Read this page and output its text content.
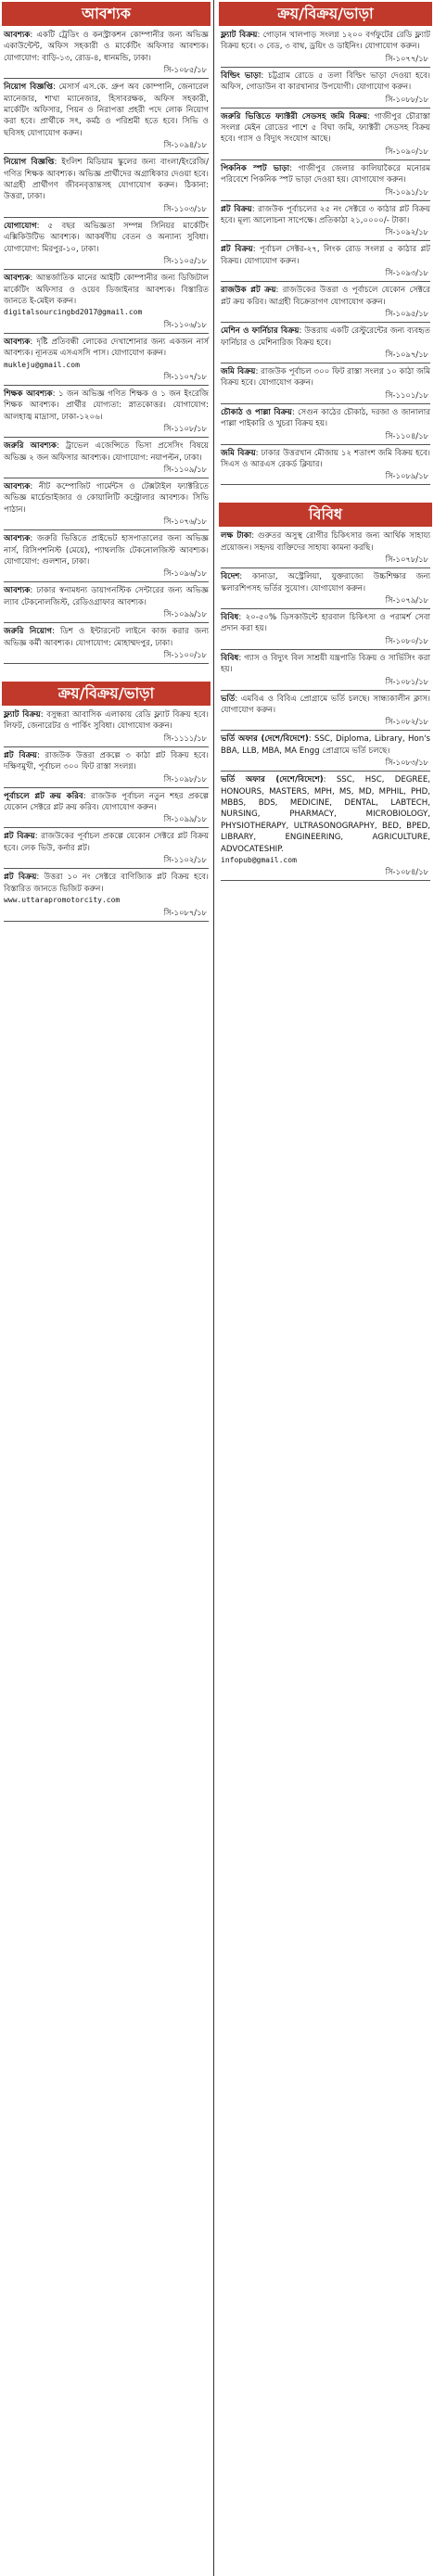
আবশ্যক
আবশ্যক: একটি ট্রেডিং ও কনস্ট্রাকশন কোম্পানীর জন্য অভিজ্ঞ একাউন্টেন্ট, অফিস সহকারী ও মার্কেটিং অফিসার আবশ্যক। যোগাযোগ: বাড়ি-১৩, রোড-৪, ধানমন্ডি, ঢাকা।
সি-১০৮৫/১৮
নিয়োগ বিজ্ঞপ্তি: মেসার্স এস.কে. গ্রুপ অব কোম্পানি, জেনারেল ম্যানেজার, শাখা ম্যানেজার, হিসাবরক্ষক, অফিস সহকারী, মার্কেটিং অফিসার, পিয়ন ও নিরাপত্তা প্রহরী পদে লোক নিয়োগ করা হবে। প্রার্থীকে সৎ, কর্মঠ ও পরিশ্রমী হতে হবে। সিভি ও ছবিসহ যোগাযোগ করুন।
সি-১০৯৪/১৮
নিয়োগ বিজ্ঞপ্তি: ইংলিশ মিডিয়াম স্কুলের জন্য বাংলা/ইংরেজি/গণিত শিক্ষক আবশ্যক। অভিজ্ঞ প্রার্থীদের অগ্রাধিকার দেওয়া হবে। আগ্রহী প্রার্থীগণ জীবনবৃত্তান্তসহ যোগাযোগ করুন। ঠিকানা: উত্তরা, ঢাকা।
সি-১১০৩/১৮
যোগাযোগ: ৫ বছর অভিজ্ঞতা সম্পন্ন সিনিয়র মার্কেটিং এক্সিকিউটিভ আবশ্যক। আকর্ষণীয় বেতন ও অন্যান্য সুবিধা। যোগাযোগ: মিরপুর-১০, ঢাকা।
সি-১১০৫/১৮
আবশ্যক: আন্তর্জাতিক মানের আইটি কোম্পানীর জন্য ডিজিটাল মার্কেটিং অফিসার ও ওয়েব ডিজাইনার আবশ্যক। বিস্তারিত জানতে ই-মেইল করুন।
digitalsourcingbd2017@gmail.com
সি-১১০৬/১৮
আবশ্যক: দৃষ্টি প্রতিবন্ধী লোকের দেখাশোনার জন্য একজন নার্স আবশ্যক। ন্যূনতম এসএসসি পাস। যোগাযোগ করুন।
mukleju@gmail.com
সি-১১০৭/১৮
শিক্ষক আবশ্যক: ১ জন অভিজ্ঞ গণিত শিক্ষক ও ১ জন ইংরেজি শিক্ষক আবশ্যক। প্রার্থীর যোগ্যতা: স্নাতকোত্তর। যোগাযোগ: আলহাজ্ব মাদ্রাসা, ঢাকা-১২০৬।
সি-১১০৮/১৮
জরুরি আবশ্যক: ট্রাভেল এজেন্সিতে ভিসা প্রসেসিং বিষয়ে অভিজ্ঞ ২ জন অফিসার আবশ্যক। যোগাযোগ: নয়াপল্টন, ঢাকা।
সি-১১০৯/১৮
আবশ্যক: নীট কম্পোজিট গার্মেন্টস ও টেক্সটাইল ফ্যাক্টরিতে অভিজ্ঞ মার্চেন্ডাইজার ও কোয়ালিটি কন্ট্রোলার আবশ্যক। সিভি পাঠান।
সি-১০৭৬/১৮
আবশ্যক: জরুরি ভিত্তিতে প্রাইভেট হাসপাতালের জন্য অভিজ্ঞ নার্স, রিসিপশনিস্ট (মেয়ে), প্যাথলজি টেকনোলজিস্ট আবশ্যক। যোগাযোগ: গুলশান, ঢাকা।
সি-১০৯৬/১৮
আবশ্যক: ঢাকার স্বনামধন্য ডায়াগনস্টিক সেন্টারের জন্য অভিজ্ঞ ল্যাব টেকনোলজিস্ট, রেডিওগ্রাফার আবশ্যক।
সি-১০৯৯/১৮
জরুরি নিয়োগ: ডিশ ও ইন্টারনেট লাইনে কাজ করার জন্য অভিজ্ঞ কর্মী আবশ্যক। যোগাযোগ: মোহাম্মদপুর, ঢাকা।
সি-১১০০/১৮
ক্রয়/বিক্রয়/ভাড়া
ফ্ল্যাট বিক্রয়: বসুন্ধরা আবাসিক এলাকায় রেডি ফ্ল্যাট বিক্রয় হবে। লিফট, জেনারেটর ও পার্কিং সুবিধা। যোগাযোগ করুন।
সি-১১১১/১৮
প্লট বিক্রয়: রাজউক উত্তরা প্রকল্পে ৩ কাঠা প্লট বিক্রয় হবে। দক্ষিণমুখী, পূর্বাচল ৩০০ ফিট রাস্তা সংলগ্ন।
সি-১০৯৮/১৮
পূর্বাচলে প্লট ক্রয় করিব: রাজউক পূর্বাচল নতুন শহর প্রকল্পে যেকোন সেক্টরে প্লট ক্রয় করিব। যোগাযোগ করুন।
সি-১০৯৯/১৮
প্লট বিক্রয়: রাজউকের পূর্বাচল প্রকল্পে যেকোন সেক্টরে প্লট বিক্রয় হবে। লেক ভিউ, কর্নার প্লট।
সি-১১০২/১৮
প্লট বিক্রয়: উত্তরা ১০ নং সেক্টরে বাণিজ্যিক প্লট বিক্রয় হবে। বিস্তারিত জানতে ভিজিট করুন।
www.uttarapromotorcity.com
সি-১০৮৭/১৮
ক্রয়/বিক্রয়/ভাড়া
ফ্ল্যাট বিক্রয়: গোড়ান খালপাড় সংলগ্ন ১২০০ বর্গফুটের রেডি ফ্ল্যাট বিক্রয় হবে। ৩ বেড, ৩ বাথ, ড্রয়িং ও ডাইনিং। যোগাযোগ করুন।
সি-১০৭৭/১৮
বিল্ডিং ভাড়া: চট্টগ্রাম রোডে ৫ তলা বিল্ডিং ভাড়া দেওয়া হবে। অফিস, গোডাউন বা কারখানার উপযোগী। যোগাযোগ করুন।
সি-১০৮৮/১৮
জরুরি ভিত্তিতে ফ্যাক্টরী সেডসহ জমি বিক্রয়: গাজীপুর চৌরাস্তা সংলগ্ন মেইন রোডের পাশে ৫ বিঘা জমি, ফ্যাক্টরী সেডসহ বিক্রয় হবে। গ্যাস ও বিদ্যুৎ সংযোগ আছে।
সি-১০৯০/১৮
পিকনিক স্পট ভাড়া: গাজীপুর জেলার কালিয়াকৈরে মনোরম পরিবেশে পিকনিক স্পট ভাড়া দেওয়া হয়। যোগাযোগ করুন।
সি-১০৯১/১৮
প্লট বিক্রয়: রাজউক পূর্বাচলের ২৫ নং সেক্টরে ৩ কাঠার প্লট বিক্রয় হবে। মূল্য আলোচনা সাপেক্ষে। প্রতিকাঠা ২১,০০০০/- টাকা।
সি-১০৯২/১৮
প্লট বিক্রয়: পূর্বাচল সেক্টর-২৭, লিংক রোড সংলগ্ন ৫ কাঠার প্লট বিক্রয়। যোগাযোগ করুন।
সি-১০৯৩/১৮
রাজউক প্লট ক্রয়: রাজউকের উত্তরা ও পূর্বাচলে যেকোন সেক্টরে প্লট ক্রয় করিব। আগ্রহী বিক্রেতাগণ যোগাযোগ করুন।
সি-১০৯৫/১৮
মেশিন ও ফার্নিচার বিক্রয়: উত্তরায় একটি রেস্টুরেন্টের জন্য ব্যবহৃত ফার্নিচার ও মেশিনারিজ বিক্রয় হবে।
সি-১০৯৭/১৮
জমি বিক্রয়: রাজউক পূর্বাচল ৩০০ ফিট রাস্তা সংলগ্ন ১০ কাঠা জমি বিক্রয় হবে। যোগাযোগ করুন।
সি-১১০১/১৮
চৌকাঠ ও পাল্লা বিক্রয়: সেগুন কাঠের চৌকাঠ, দরজা ও জানালার পাল্লা পাইকারি ও খুচরা বিক্রয় হয়।
সি-১১০৪/১৮
জমি বিক্রয়: ঢাকার উত্তরখান মৌজায় ১২ শতাংশ জমি বিক্রয় হবে। সিএস ও আরএস রেকর্ড ক্লিয়ার।
সি-১০৮৯/১৮
বিবিধ
লক্ষ টাকা: গুরুতর অসুস্থ রোগীর চিকিৎসার জন্য আর্থিক সাহায্য প্রয়োজন। সহৃদয় ব্যক্তিদের সাহায্য কামনা করছি।
সি-১০৭৮/১৮
বিদেশ: কানাডা, অস্ট্রেলিয়া, যুক্তরাজ্যে উচ্চশিক্ষার জন্য স্কলারশিপসহ ভর্তির সুযোগ। যোগাযোগ করুন।
সি-১০৭৯/১৮
বিবিধ: ২০-৫০% ডিসকাউন্টে হারবাল চিকিৎসা ও পরামর্শ সেবা প্রদান করা হয়।
সি-১০৮০/১৮
বিবিধ: গ্যাস ও বিদ্যুৎ বিল সাশ্রয়ী যন্ত্রপাতি বিক্রয় ও সার্ভিসিং করা হয়।
সি-১০৮১/১৮
ভর্তি: এমবিএ ও বিবিএ প্রোগ্রামে ভর্তি চলছে। সান্ধ্যকালীন ক্লাস। যোগাযোগ করুন।
সি-১০৮২/১৮
ভর্তি অফার (দেশে/বিদেশে): SSC, Diploma, Library, Hon's BBA, LLB, MBA, MA Engg প্রোগ্রামে ভর্তি চলছে।
সি-১০৮৩/১৮
ভর্তি অফার (দেশে/বিদেশে): SSC, HSC, DEGREE, HONOURS, MASTERS, MPH, MS, MD, MPHIL, PHD, MBBS, BDS, MEDICINE, DENTAL, LABTECH, NURSING, PHARMACY, MICROBIOLOGY, PHYSIOTHERAPY, ULTRASONOGRAPHY, BED, BPED, LIBRARY, ENGINEERING, AGRICULTURE, ADVOCATESHIP.
infopub@gmail.com
সি-১০৮৪/১৮
